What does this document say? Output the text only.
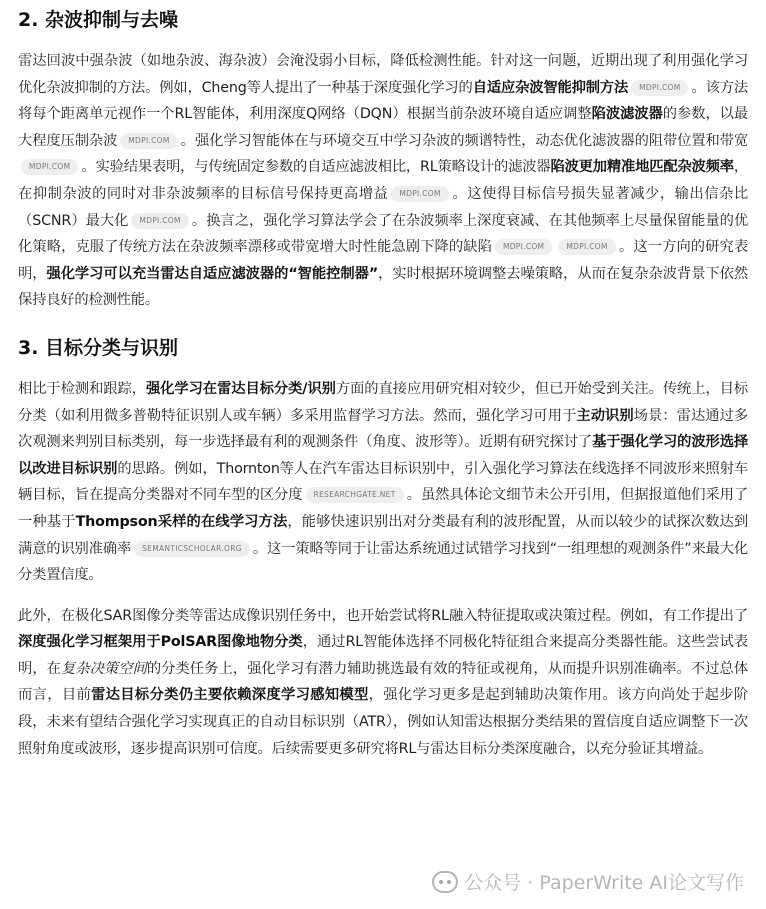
2. 杂波抑制与去噪

雷达回波中强杂波（如地杂波、海杂波）会淹没弱小目标，降低检测性能。针对这一问题，近期出现了利用强化学习优化杂波抑制的方法。例如，Cheng等人提出了一种基于深度强化学习的自适应杂波智能抑制方法 MDPI.COM 。该方法将每个距离单元视作一个RL智能体，利用深度Q网络（DQN）根据当前杂波环境自适应调整陷波滤波器的参数，以最大程度压制杂波 MDPI.COM 。强化学习智能体在与环境交互中学习杂波的频谱特性，动态优化滤波器的阻带位置和带宽MDPI.COM 。实验结果表明，与传统固定参数的自适应滤波相比，RL策略设计的滤波器陷波更加精准地匹配杂波频率，在抑制杂波的同时对非杂波频率的目标信号保持更高增益 MDPI.COM 。这使得目标信号损失显著减少，输出信杂比（SCNR）最大化 MDPI.COM 。换言之，强化学习算法学会了在杂波频率上深度衰减、在其他频率上尽量保留能量的优化策略，克服了传统方法在杂波频率漂移或带宽增大时性能急剧下降的缺陷 MDPI.COM	MDPI.COM 。这一方向的研究表明，强化学习可以充当雷达自适应滤波器的“智能控制器”，实时根据环境调整去噪策略，从而在复杂杂波背景下依然保持良好的检测性能。

3. 目标分类与识别

相比于检测和跟踪，强化学习在雷达目标分类/识别方面的直接应用研究相对较少，但已开始受到关注。传统上，目标分类（如利用微多普勒特征识别人或车辆）多采用监督学习方法。然而，强化学习可用于主动识别场景：雷达通过多次观测来判别目标类别，每一步选择最有利的观测条件（角度、波形等）。近期有研究探讨了基于强化学习的波形选择以改进目标识别的思路。例如，Thornton等人在汽车雷达目标识别中，引入强化学习算法在线选择不同波形来照射车辆目标，旨在提高分类器对不同车型的区分度 RESEARCHGATE.NET 。虽然具体论文细节未公开引用，但据报道他们采用了一种基于Thompson采样的在线学习方法，能够快速识别出对分类最有利的波形配置，从而以较少的试探次数达到满意的识别准确率 SEMANTICSCHOLAR.ORG 。这一策略等同于让雷达系统通过试错学习找到“一组理想的观测条件”来最大化分类置信度。

此外，在极化SAR图像分类等雷达成像识别任务中，也开始尝试将RL融入特征提取或决策过程。例如，有工作提出了深度强化学习框架用于PolSAR图像地物分类，通过RL智能体选择不同极化特征组合来提高分类器性能。这些尝试表明，在复杂决策空间的分类任务上，强化学习有潜力辅助挑选最有效的特征或视角，从而提升识别准确率。不过总体而言，目前雷达目标分类仍主要依赖深度学习感知模型，强化学习更多是起到辅助决策作用。该方向尚处于起步阶段，未来有望结合强化学习实现真正的自动目标识别（ATR），例如认知雷达根据分类结果的置信度自适应调整下一次照射角度或波形，逐步提高识别可信度。后续需要更多研究将RL与雷达目标分类深度融合，以充分验证其增益。

公众号 · PaperWrite AI论文写作
